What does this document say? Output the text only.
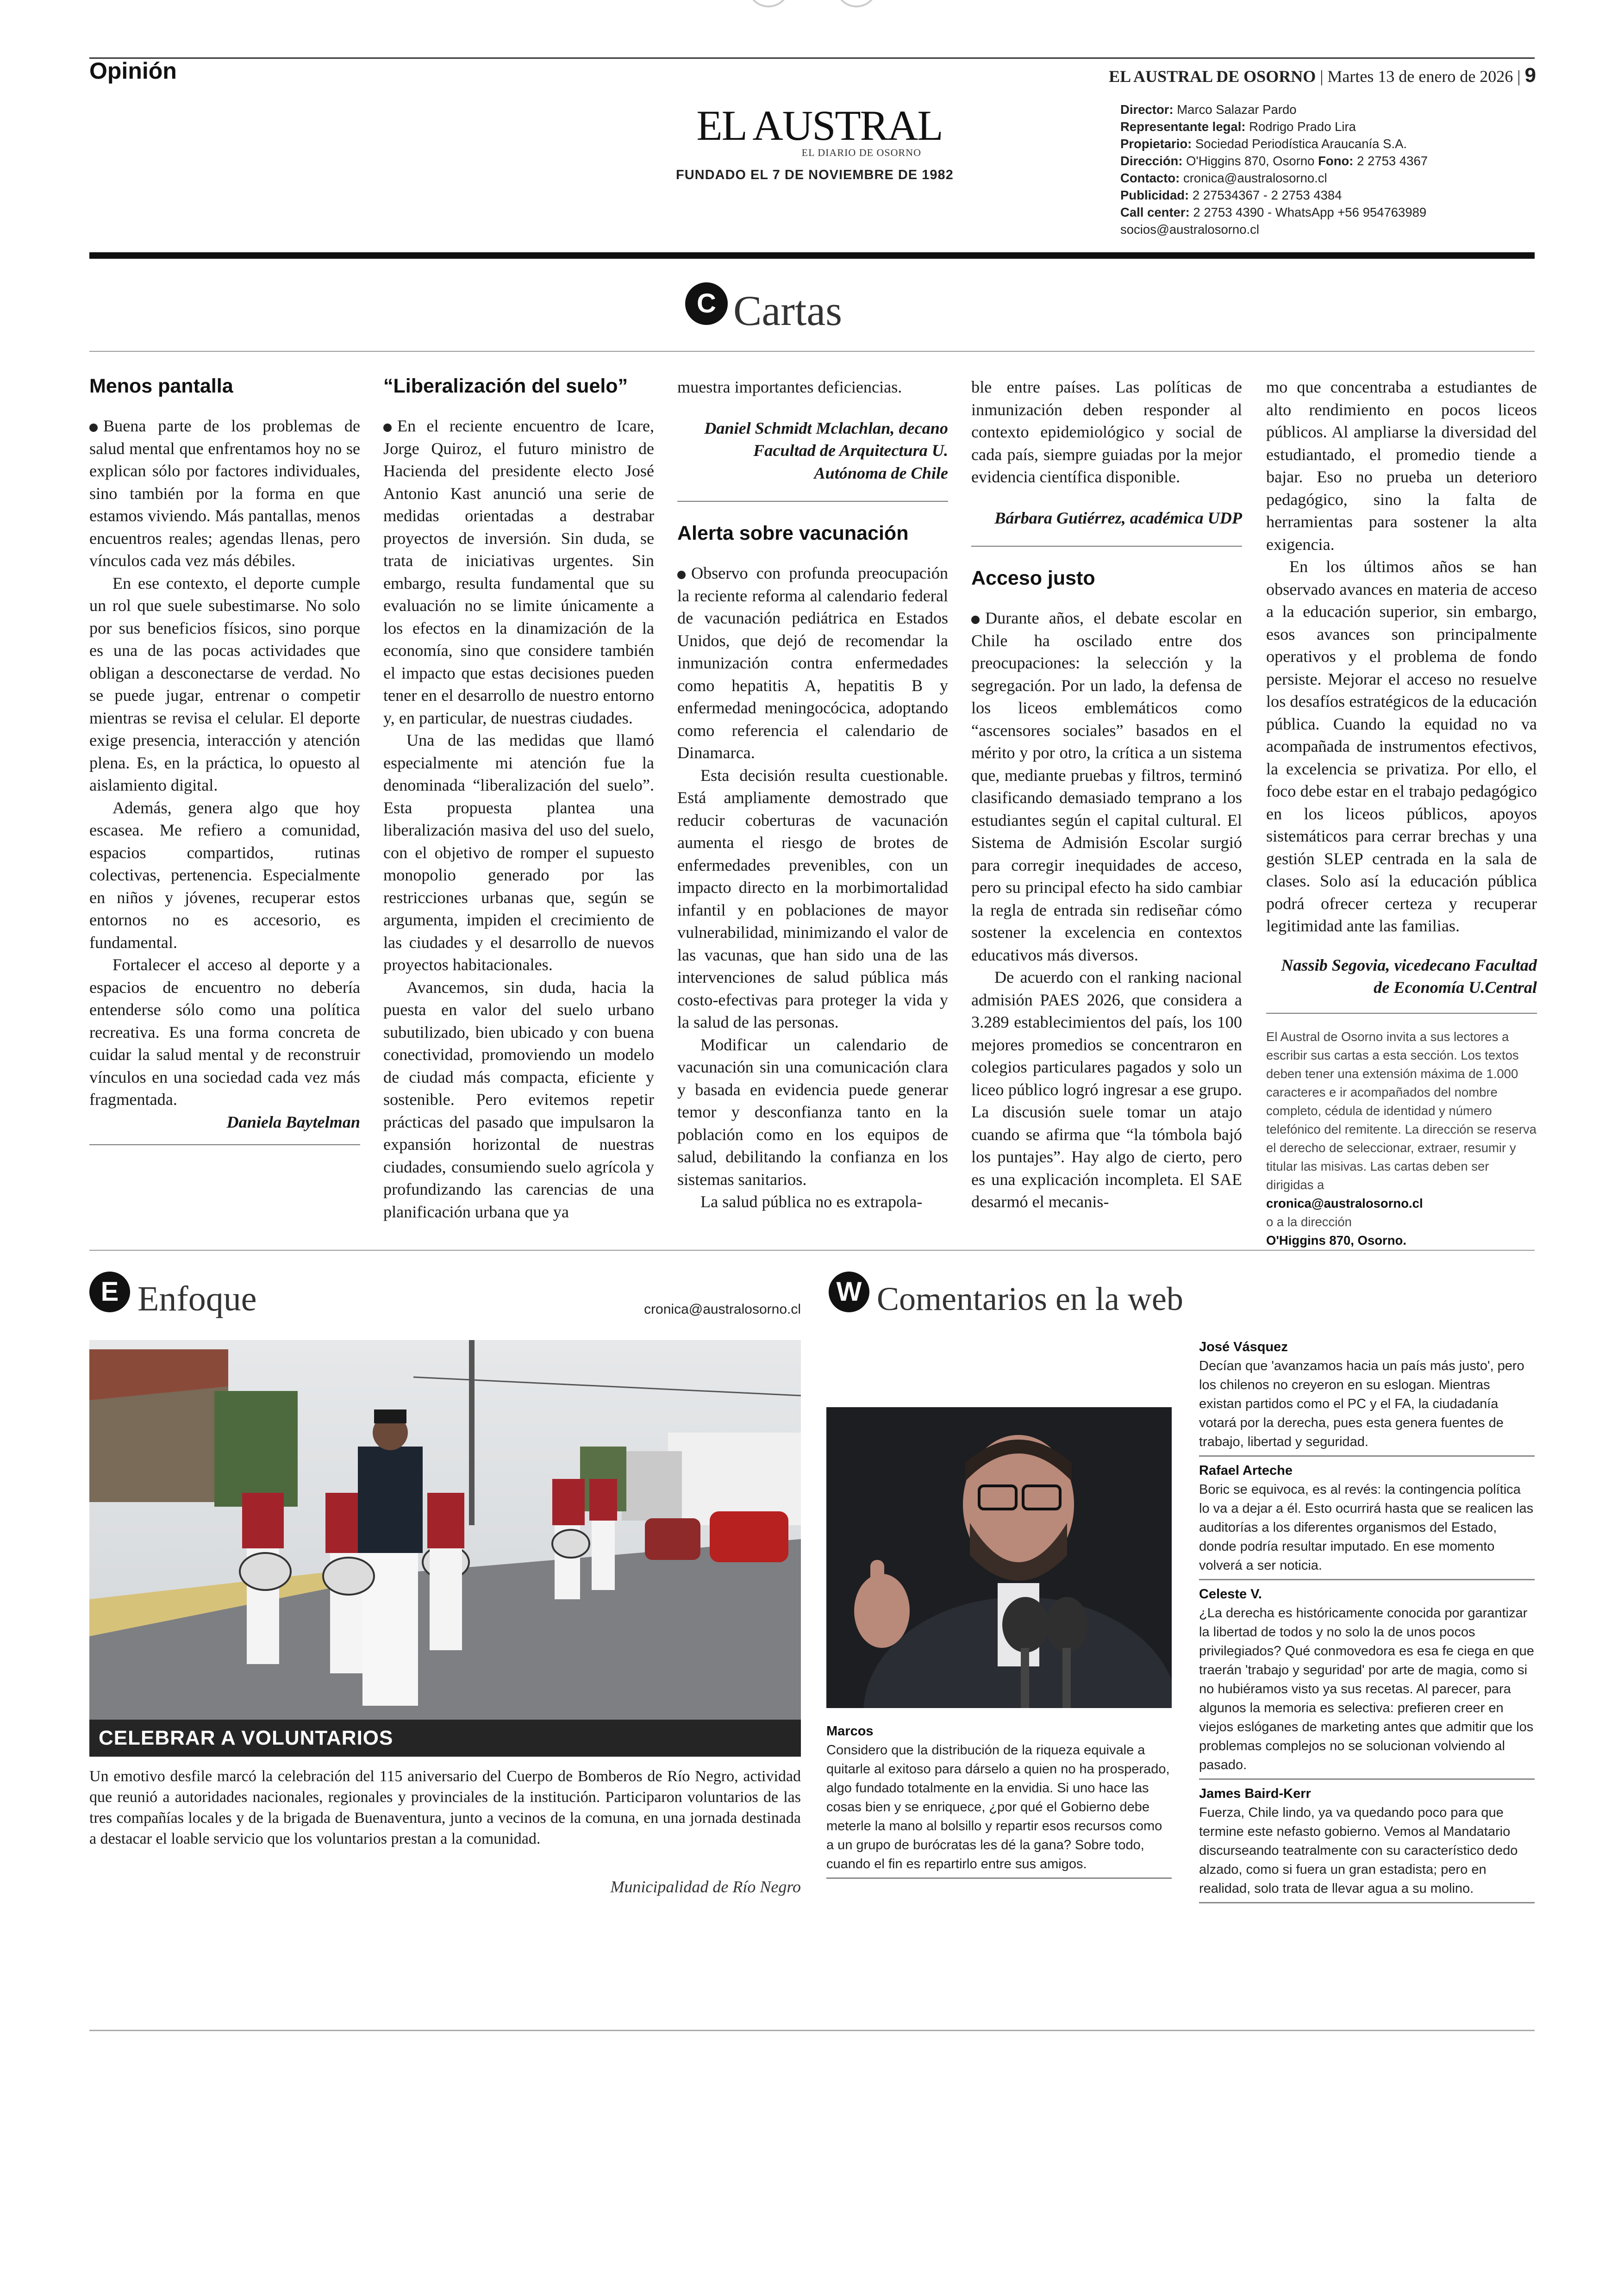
Opinión	EL AUSTRAL DE OSORNO | Martes 13 de enero de 2026 | 9
EL AUSTRAL
EL DIARIO DE OSORNO
FUNDADO EL 7 DE NOVIEMBRE DE 1982
Director: Marco Salazar Pardo
Representante legal: Rodrigo Prado Lira
Propietario: Sociedad Periodística Araucanía S.A.
Dirección: O'Higgins 870, Osorno Fono: 2 2753 4367
Contacto: cronica@australosorno.cl
Publicidad: 2 27534367 - 2 2753 4384
Call center: 2 2753 4390 - WhatsApp +56 954763989
socios@australosorno.cl
C Cartas
Menos pantalla

Buena parte de los problemas de salud mental que enfrentamos hoy no se explican sólo por factores individuales, sino también por la forma en que estamos viviendo. Más pantallas, menos encuentros reales; agendas llenas, pero vínculos cada vez más débiles.

En ese contexto, el deporte cumple un rol que suele subestimarse. No solo por sus beneficios físicos, sino porque es una de las pocas actividades que obligan a desconectarse de verdad. No se puede jugar, entrenar o competir mientras se revisa el celular. El deporte exige presencia, interacción y atención plena. Es, en la práctica, lo opuesto al aislamiento digital.

Además, genera algo que hoy escasea. Me refiero a comunidad, espacios compartidos, rutinas colectivas, pertenencia. Especialmente en niños y jóvenes, recuperar estos entornos no es accesorio, es fundamental.

Fortalecer el acceso al deporte y a espacios de encuentro no debería entenderse sólo como una política recreativa. Es una forma concreta de cuidar la salud mental y de reconstruir vínculos en una sociedad cada vez más fragmentada.

Daniela Baytelman

“Liberalización del suelo”

En el reciente encuentro de Icare, Jorge Quiroz, el futuro ministro de Hacienda del presidente electo José Antonio Kast anunció una serie de medidas orientadas a destrabar proyectos de inversión. Sin duda, se trata de iniciativas urgentes. Sin embargo, resulta fundamental que su evaluación no se limite únicamente a los efectos en la dinamización de la economía, sino que considere también el impacto que estas decisiones pueden tener en el desarrollo de nuestro entorno y, en particular, de nuestras ciudades.

Una de las medidas que llamó especialmente mi atención fue la denominada “liberalización del suelo”. Esta propuesta plantea una liberalización masiva del uso del suelo, con el objetivo de romper el supuesto monopolio generado por las restricciones urbanas que, según se argumenta, impiden el crecimiento de las ciudades y el desarrollo de nuevos proyectos habitacionales.

Avancemos, sin duda, hacia la puesta en valor del suelo urbano subutilizado, bien ubicado y con buena conectividad, promoviendo un modelo de ciudad más compacta, eficiente y sostenible. Pero evitemos repetir prácticas del pasado que impulsaron la expansión horizontal de nuestras ciudades, consumiendo suelo agrícola y profundizando las carencias de una planificación urbana que ya

muestra importantes deficiencias.

Daniel Schmidt Mclachlan, decano Facultad de Arquitectura U. Autónoma de Chile

Alerta sobre vacunación

Observo con profunda preocupación la reciente reforma al calendario federal de vacunación pediátrica en Estados Unidos, que dejó de recomendar la inmunización contra enfermedades como hepatitis A, hepatitis B y enfermedad meningocócica, adoptando como referencia el calendario de Dinamarca.

Esta decisión resulta cuestionable. Está ampliamente demostrado que reducir coberturas de vacunación aumenta el riesgo de brotes de enfermedades prevenibles, con un impacto directo en la morbimortalidad infantil y en poblaciones de mayor vulnerabilidad, minimizando el valor de las vacunas, que han sido una de las intervenciones de salud pública más costo-efectivas para proteger la vida y la salud de las personas.

Modificar un calendario de vacunación sin una comunicación clara y basada en evidencia puede generar temor y desconfianza tanto en la población como en los equipos de salud, debilitando la confianza en los sistemas sanitarios.

La salud pública no es extrapola-

ble entre países. Las políticas de inmunización deben responder al contexto epidemiológico y social de cada país, siempre guiadas por la mejor evidencia científica disponible.

Bárbara Gutiérrez, académica UDP

Acceso justo

Durante años, el debate escolar en Chile ha oscilado entre dos preocupaciones: la selección y la segregación. Por un lado, la defensa de los liceos emblemáticos como “ascensores sociales” basados en el mérito y por otro, la crítica a un sistema que, mediante pruebas y filtros, terminó clasificando demasiado temprano a los estudiantes según el capital cultural. El Sistema de Admisión Escolar surgió para corregir inequidades de acceso, pero su principal efecto ha sido cambiar la regla de entrada sin rediseñar cómo sostener la excelencia en contextos educativos más diversos.

De acuerdo con el ranking nacional admisión PAES 2026, que considera a 3.289 establecimientos del país, los 100 mejores promedios se concentraron en colegios particulares pagados y solo un liceo público logró ingresar a ese grupo. La discusión suele tomar un atajo cuando se afirma que “la tómbola bajó los puntajes”. Hay algo de cierto, pero es una explicación incompleta. El SAE desarmó el mecanis-

mo que concentraba a estudiantes de alto rendimiento en pocos liceos públicos. Al ampliarse la diversidad del estudiantado, el promedio tiende a bajar. Eso no prueba un deterioro pedagógico, sino la falta de herramientas para sostener la alta exigencia.

En los últimos años se han observado avances en materia de acceso a la educación superior, sin embargo, esos avances son principalmente operativos y el problema de fondo persiste. Mejorar el acceso no resuelve los desafíos estratégicos de la educación pública. Cuando la equidad no va acompañada de instrumentos efectivos, la excelencia se privatiza. Por ello, el foco debe estar en el trabajo pedagógico en los liceos públicos, apoyos sistemáticos para cerrar brechas y una gestión SLEP centrada en la sala de clases. Solo así la educación pública podrá ofrecer certeza y recuperar legitimidad ante las familias.

Nassib Segovia, vicedecano Facultad de Economía U.Central

El Austral de Osorno invita a sus lectores a escribir sus cartas a esta sección. Los textos deben tener una extensión máxima de 1.000 caracteres e ir acompañados del nombre completo, cédula de identidad y número telefónico del remitente. La dirección se reserva el derecho de seleccionar, extraer, resumir y titular las misivas. Las cartas deben ser dirigidas a
cronica@australosorno.cl
o a la dirección
O'Higgins 870, Osorno.
E Enfoque	cronica@australosorno.cl
CELEBRAR A VOLUNTARIOS
Un emotivo desfile marcó la celebración del 115 aniversario del Cuerpo de Bomberos de Río Negro, actividad que reunió a autoridades nacionales, regionales y provinciales de la institución. Participaron voluntarios de las tres compañías locales y de la brigada de Buenaventura, junto a vecinos de la comuna, en una jornada destinada a destacar el loable servicio que los voluntarios prestan a la comunidad.
Municipalidad de Río Negro
W Comentarios en la web

Marcos

Considero que la distribución de la riqueza equivale a quitarle al exitoso para dárselo a quien no ha prosperado, algo fundado totalmente en la envidia. Si uno hace las cosas bien y se enriquece, ¿por qué el Gobierno debe meterle la mano al bolsillo y repartir esos recursos como a un grupo de burócratas les dé la gana? Sobre todo, cuando el fin es repartirlo entre sus amigos.

José Vásquez

Decían que 'avanzamos hacia un país más justo', pero los chilenos no creyeron en su eslogan. Mientras existan partidos como el PC y el FA, la ciudadanía votará por la derecha, pues esta genera fuentes de trabajo, libertad y seguridad.

Rafael Arteche

Boric se equivoca, es al revés: la contingencia política lo va a dejar a él. Esto ocurrirá hasta que se realicen las auditorías a los diferentes organismos del Estado, donde podría resultar imputado. En ese momento volverá a ser noticia.

Celeste V.

¿La derecha es históricamente conocida por garantizar la libertad de todos y no solo la de unos pocos privilegiados? Qué conmovedora es esa fe ciega en que traerán 'trabajo y seguridad' por arte de magia, como si no hubiéramos visto ya sus recetas. Al parecer, para algunos la memoria es selectiva: prefieren creer en viejos eslóganes de marketing antes que admitir que los problemas complejos no se solucionan volviendo al pasado.

James Baird-Kerr

Fuerza, Chile lindo, ya va quedando poco para que termine este nefasto gobierno. Vemos al Mandatario discurseando teatralmente con su característico dedo alzado, como si fuera un gran estadista; pero en realidad, solo trata de llevar agua a su molino.
